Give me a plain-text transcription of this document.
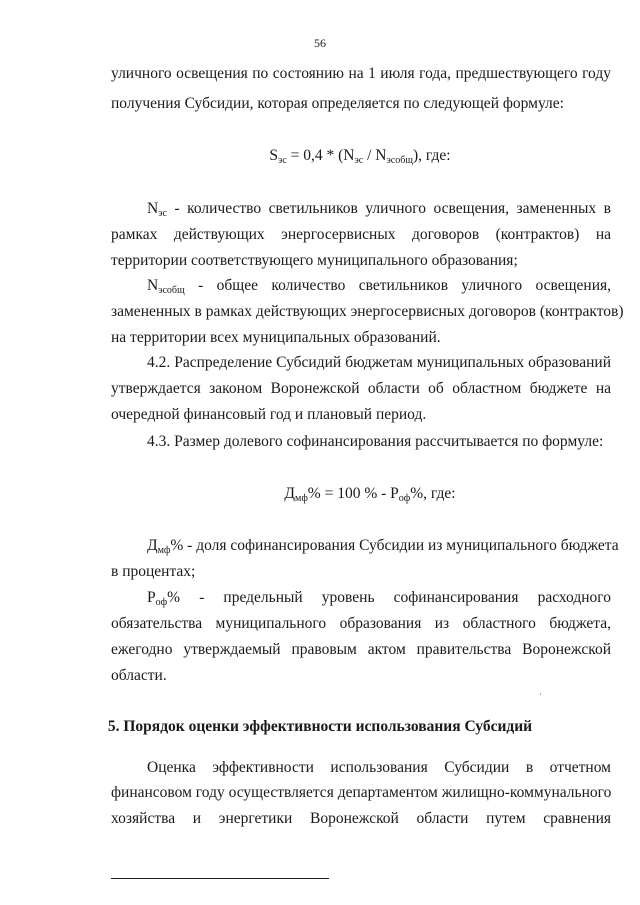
56
уличного освещения по состоянию на 1 июля года, предшествующего году
получения Субсидии, которая определяется по следующей формуле:
$S_{эс} = 0,4 * (N_{эс} / N_{эсобщ})$, где:
$N_{эс}$ - количество светильников уличного освещения, замененных в
рамках действующих энергосервисных договоров (контрактов) на
территории соответствующего муниципального образования;
$N_{эсобщ}$ - общее количество светильников уличного освещения,
замененных в рамках действующих энергосервисных договоров (контрактов)
на территории всех муниципальных образований.
4.2. Распределение Субсидий бюджетам муниципальных образований
утверждается законом Воронежской области об областном бюджете на
очередной финансовый год и плановый период.
4.3. Размер долевого софинансирования рассчитывается по формуле:
$Д_{мф}\% = 100$ % - $Р_{оф}\%$, где:
$Д_{мф}\%$ - доля софинансирования Субсидии из муниципального бюджета
в процентах;
$Р_{оф}\%$ - предельный уровень софинансирования расходного
обязательства муниципального образования из областного бюджета,
ежегодно утверждаемый правовым актом правительства Воронежской
области.
5. Порядок оценки эффективности использования Субсидий
Оценка эффективности использования Субсидии в отчетном
финансовом году осуществляется департаментом жилищно-коммунального
хозяйства и энергетики Воронежской области путем сравнения
